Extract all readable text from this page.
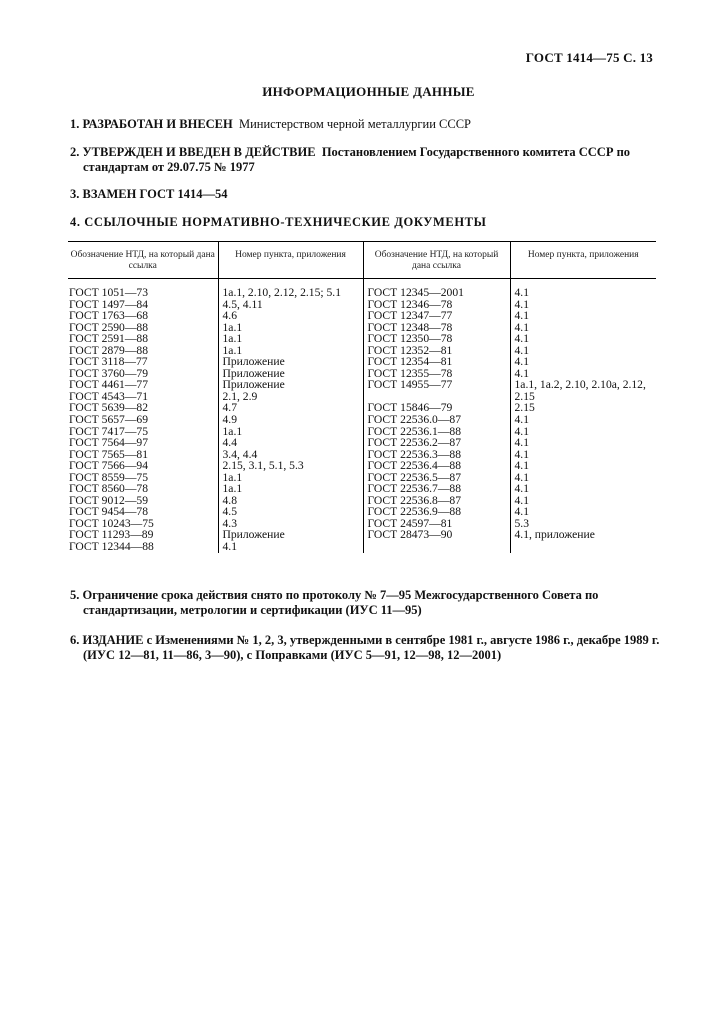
ГОСТ 1414—75 С. 13
ИНФОРМАЦИОННЫЕ ДАННЫЕ
1. РАЗРАБОТАН И ВНЕСЕН Министерством черной металлургии СССР
2. УТВЕРЖДЕН И ВВЕДЕН В ДЕЙСТВИЕ Постановлением Государственного комитета СССР по стандартам от 29.07.75 № 1977
3. ВЗАМЕН ГОСТ 1414—54
4. ССЫЛОЧНЫЕ НОРМАТИВНО-ТЕХНИЧЕСКИЕ ДОКУМЕНТЫ
Обозначение НТД, на который дана ссылка	Номер пункта, приложения	Обозначение НТД, на который дана ссылка	Номер пункта, приложения
ГОСТ 1051—73	1а.1, 2.10, 2.12, 2.15; 5.1	ГОСТ 12345—2001	4.1
ГОСТ 1497—84	4.5, 4.11	ГОСТ 12346—78	4.1
ГОСТ 1763—68	4.6	ГОСТ 12347—77	4.1
ГОСТ 2590—88	1а.1	ГОСТ 12348—78	4.1
ГОСТ 2591—88	1а.1	ГОСТ 12350—78	4.1
ГОСТ 2879—88	1а.1	ГОСТ 12352—81	4.1
ГОСТ 3118—77	Приложение	ГОСТ 12354—81	4.1
ГОСТ 3760—79	Приложение	ГОСТ 12355—78	4.1
ГОСТ 4461—77	Приложение	ГОСТ 14955—77	1а.1, 1а.2, 2.10, 2.10а, 2.12, 2.15
ГОСТ 4543—71	2.1, 2.9		
ГОСТ 5639—82	4.7	ГОСТ 15846—79	2.15
ГОСТ 5657—69	4.9	ГОСТ 22536.0—87	4.1
ГОСТ 7417—75	1а.1	ГОСТ 22536.1—88	4.1
ГОСТ 7564—97	4.4	ГОСТ 22536.2—87	4.1
ГОСТ 7565—81	3.4, 4.4	ГОСТ 22536.3—88	4.1
ГОСТ 7566—94	2.15, 3.1, 5.1, 5.3	ГОСТ 22536.4—88	4.1
ГОСТ 8559—75	1а.1	ГОСТ 22536.5—87	4.1
ГОСТ 8560—78	1а.1	ГОСТ 22536.7—88	4.1
ГОСТ 9012—59	4.8	ГОСТ 22536.8—87	4.1
ГОСТ 9454—78	4.5	ГОСТ 22536.9—88	4.1
ГОСТ 10243—75	4.3	ГОСТ 24597—81	5.3
ГОСТ 11293—89	Приложение	ГОСТ 28473—90	4.1, приложение
ГОСТ 12344—88	4.1		
5. Ограничение срока действия снято по протоколу № 7—95 Межгосударственного Совета по стандартизации, метрологии и сертификации (ИУС 11—95)
6. ИЗДАНИЕ с Изменениями № 1, 2, 3, утвержденными в сентябре 1981 г., августе 1986 г., декабре 1989 г. (ИУС 12—81, 11—86, 3—90), с Поправками (ИУС 5—91, 12—98, 12—2001)
